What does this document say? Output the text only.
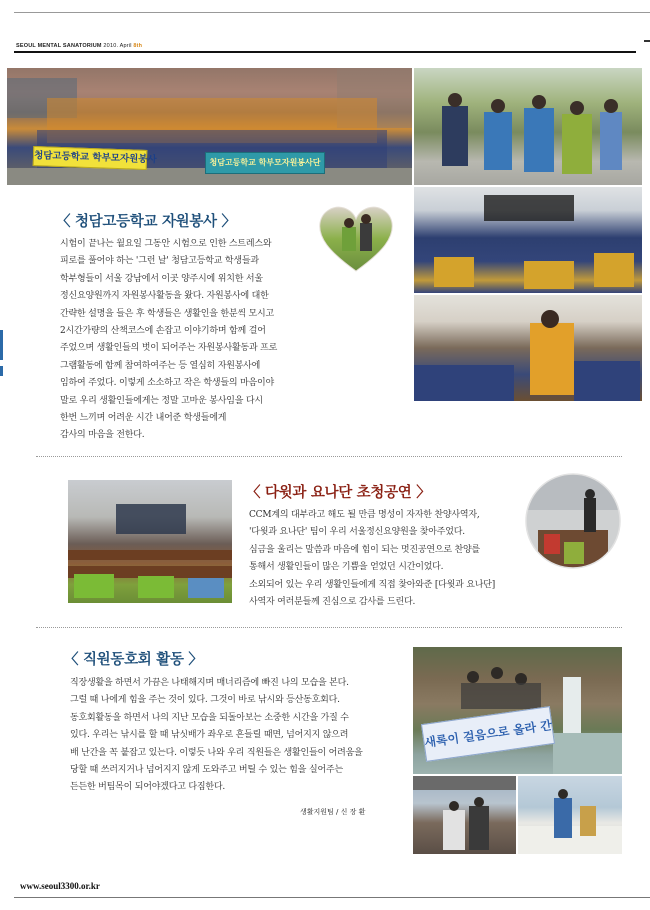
SEOUL MENTAL SANATORIUM 2010. April 8th
청담고등학교 학부모자원봉사	청담고등학교 학부모자원봉사단
〈 청담고등학교 자원봉사 〉

시험이 끝나는 월요일 그동안 시험으로 인한 스트레스와

피로를 풀어야 하는 '그런 날' 청담고등학교 학생들과

학부형들이 서울 강남에서 이곳 양주시에 위치한 서울

정신요양원까지 자원봉사활동을 왔다. 자원봉사에 대한

간략한 설명을 들은 후 학생들은 생활인을 한분씩 모시고

2시간가량의 산책코스에 손잡고 이야기하며 함께 걸어

주었으며 생활인들의 벗이 되어주는 자원봉사활동과 프로

그램활동에 함께 참여하여주는 등 열심히 자원봉사에

임하여 주었다. 이렇게 소소하고 작은 학생들의 마음이야

말로 우리 생활인들에게는 정말 고마운 봉사임을 다시

한번 느끼며 어려운 시간 내어준 학생들에게

감사의 마음을 전한다.

〈 다윗과 요나단 초청공연 〉

CCM계의 대부라고 해도 될 만큼 명성이 자자한 찬양사역자,

'다윗과 요나단' 팀이 우리 서울정신요양원을 찾아주었다.

심금을 울리는 말씀과 마음에 힘이 되는 멋진공연으로 찬양를

통해서 생활인들이 많은 기쁨을 얻었던 시간이었다.

소외되어 있는 우리 생활인들에게 직접 찾아와준 [다윗과 요나단]

사역자 여러분들께 진심으로 감사를 드린다.

〈 직원동호회 활동 〉

직장생활을 하면서 가끔은 나태해지며 매너리즘에 빠진 나의 모습을 본다.

그럴 때 나에게 힘을 주는 것이 있다. 그것이 바로 낚시와 등산동호회다.

동호회활동을 하면서 나의 지난 모습을 되돌아보는 소중한 시간을 가질 수

있다. 우리는 낚시를 할 때 낚싯배가 좌우로 흔들릴 때면, 넘어지지 않으려

배 난간을 꼭 붙잡고 있는다. 이렇듯 나와 우리 직원들은 생활인들이 어려움을

당할 때 쓰러지거나 넘어지지 않게 도와주고 버틸 수 있는 힘을 실어주는

든든한 버팀목이 되어야겠다고 다짐한다.

생활지원팀 / 신 장 환
새록이 걸음으로 올라 간
www.seoul3300.or.kr
